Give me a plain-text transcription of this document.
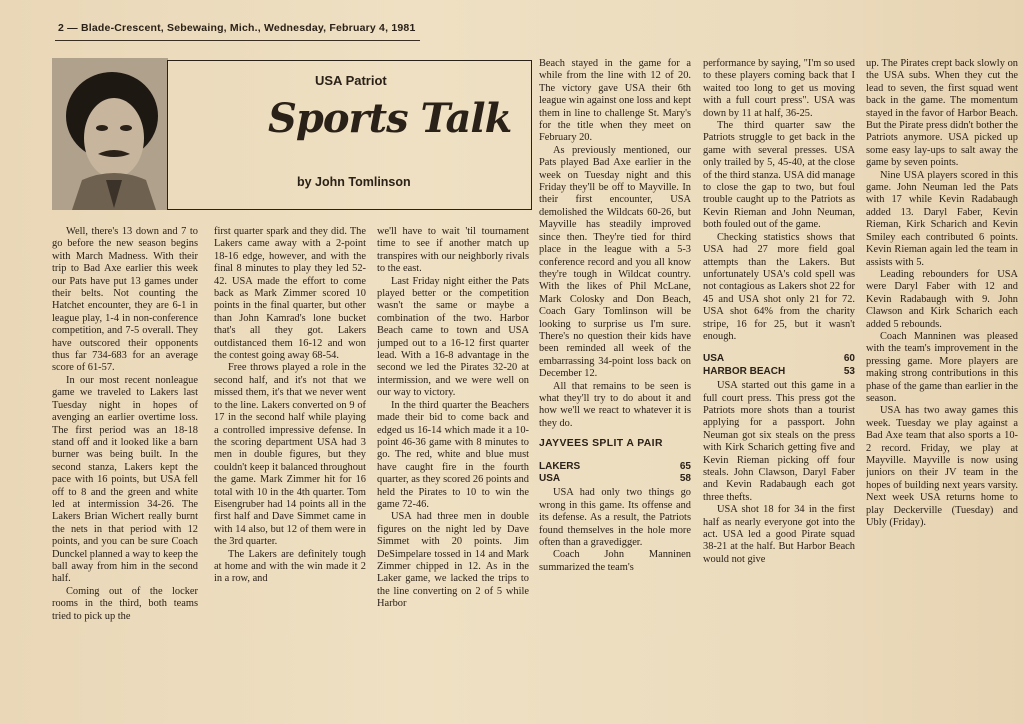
2 — Blade-Crescent, Sebewaing, Mich., Wednesday, February 4, 1981
USA Patriot
Sports Talk
by John Tomlinson

Well, there's 13 down and 7 to go before the new season begins with March Madness. With their trip to Bad Axe earlier this week our Pats have put 13 games under their belts. Not counting the Hatchet encounter, they are 6-1 in league play, 1-4 in non-conference competition, and 7-5 overall. They have outscored their opponents thus far 734-683 for an average score of 61-57.

In our most recent nonleague game we traveled to Lakers last Tuesday night in hopes of avenging an earlier overtime loss. The first period was an 18-18 stand off and it looked like a barn burner was being built. In the second stanza, Lakers kept the pace with 16 points, but USA fell off to 8 and the green and white led at intermission 34-26. The Lakers Brian Wichert really burnt the nets in that period with 12 points, and you can be sure Coach Dunckel planned a way to keep the ball away from him in the second half.

Coming out of the locker rooms in the third, both teams tried to pick up the

first quarter spark and they did. The Lakers came away with a 2-point 18-16 edge, however, and with the final 8 minutes to play they led 52-42. USA made the effort to come back as Mark Zimmer scored 10 points in the final quarter, but other than John Kamrad's lone bucket that's all they got. Lakers outdistanced them 16-12 and won the contest going away 68-54.

Free throws played a role in the second half, and it's not that we missed them, it's that we never went to the line. Lakers converted on 9 of 17 in the second half while playing a controlled impressive defense. In the scoring department USA had 3 men in double figures, but they couldn't keep it balanced throughout the game. Mark Zimmer hit for 16 total with 10 in the 4th quarter. Tom Eisengruber had 14 points all in the first half and Dave Simmet came in with 14 also, but 12 of them were in the 3rd quarter.

The Lakers are definitely tough at home and with the win made it 2 in a row, and

we'll have to wait 'til tournament time to see if another match up transpires with our neighborly rivals to the east.

Last Friday night either the Pats played better or the competition wasn't the same or maybe a combination of the two. Harbor Beach came to town and USA jumped out to a 16-12 first quarter lead. With a 16-8 advantage in the second we led the Pirates 32-20 at intermission, and we were well on our way to victory.

In the third quarter the Beachers made their bid to come back and edged us 16-14 which made it a 10-point 46-36 game with 8 minutes to go. The red, white and blue must have caught fire in the fourth quarter, as they scored 26 points and held the Pirates to 10 to win the game 72-46.

USA had three men in double figures on the night led by Dave Simmet with 20 points. Jim DeSimpelare tossed in 14 and Mark Zimmer chipped in 12. As in the Laker game, we lacked the trips to the line converting on 2 of 5 while Harbor

Beach stayed in the game for a while from the line with 12 of 20. The victory gave USA their 6th league win against one loss and kept them in line to challenge St. Mary's for the title when they meet on February 20.

As previously mentioned, our Pats played Bad Axe earlier in the week on Tuesday night and this Friday they'll be off to Mayville. In their first encounter, USA demolished the Wildcats 60-26, but Mayville has steadily improved since then. They're tied for third place in the league with a 5-3 conference record and you all know they're tough in Wildcat country. With the likes of Phil McLane, Mark Colosky and Don Beach, Coach Gary Tomlinson will be looking to surprise us I'm sure. There's no question their kids have been reminded all week of the embarrassing 34-point loss back on December 12.

All that remains to be seen is what they'll try to do about it and how we'll we react to whatever it is they do.

JAYVEES SPLIT A PAIR

LAKERS	65
USA	58

USA had only two things go wrong in this game. Its offense and its defense. As a result, the Patriots found themselves in the hole more often than a gravedigger.

Coach John Manninen summarized the team's

performance by saying, "I'm so used to these players coming back that I waited too long to get us moving with a full court press". USA was down by 11 at half, 36-25.

The third quarter saw the Patriots struggle to get back in the game with several presses. USA only trailed by 5, 45-40, at the close of the third stanza. USA did manage to close the gap to two, but foul trouble caught up to the Patriots as Kevin Rieman and John Neuman, both fouled out of the game.

Checking statistics shows that USA had 27 more field goal attempts than the Lakers. But unfortunately USA's cold spell was not contagious as Lakers shot 22 for 45 and USA shot only 21 for 72. USA shot 64% from the charity stripe, 16 for 25, but it wasn't enough.

USA	60
HARBOR BEACH	53

USA started out this game in a full court press. This press got the Patriots more shots than a tourist applying for a passport. John Neuman got six steals on the press with Kirk Scharich getting five and Kevin Rieman picking off four steals. John Clawson, Daryl Faber and Kevin Radabaugh each got three thefts.

USA shot 18 for 34 in the first half as nearly everyone got into the act. USA led a good Pirate squad 38-21 at the half. But Harbor Beach would not give

up. The Pirates crept back slowly on the USA subs. When they cut the lead to seven, the first squad went back in the game. The momentum stayed in the favor of Harbor Beach. But the Pirate press didn't bother the Patriots anymore. USA picked up some easy lay-ups to salt away the game by seven points.

Nine USA players scored in this game. John Neuman led the Pats with 17 while Kevin Radabaugh added 13. Daryl Faber, Kevin Rieman, Kirk Scharich and Kevin Smiley each contributed 6 points. Kevin Rieman again led the team in assists with 5.

Leading rebounders for USA were Daryl Faber with 12 and Kevin Radabaugh with 9. John Clawson and Kirk Scharich each added 5 rebounds.

Coach Manninen was pleased with the team's improvement in the pressing game. More players are making strong contributions in this phase of the game than earlier in the season.

USA has two away games this week. Tuesday we play against a Bad Axe team that also sports a 10-2 record. Friday, we play at Mayville. Mayville is now using juniors on their JV team in the hopes of building next years varsity. Next week USA returns home to play Deckerville (Tuesday) and Ubly (Friday).
